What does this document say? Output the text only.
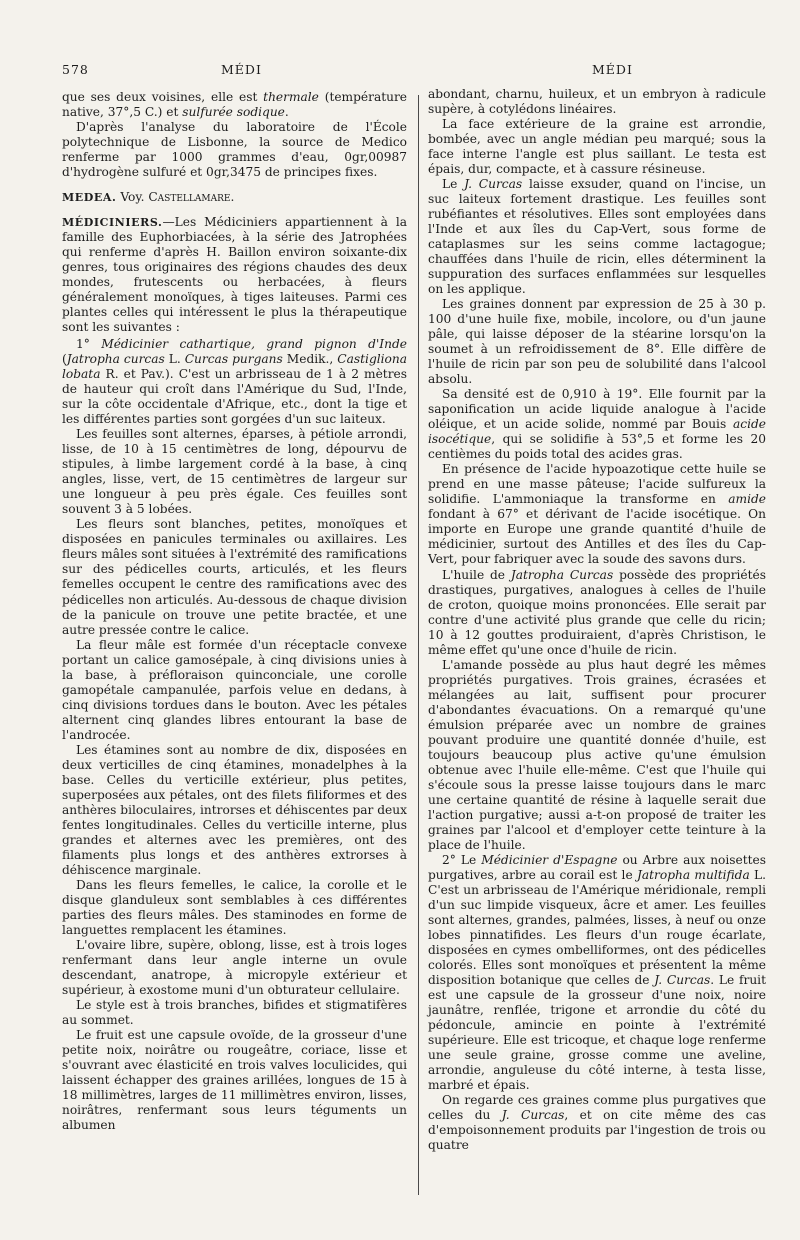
578	MÉDI	MÉDI

que ses deux voisines, elle est thermale (température native, 37°,5 C.) et sulfurée sodique.

D'après l'analyse du laboratoire de l'École polytechnique de Lisbonne, la source de Medico renferme par 1000 grammes d'eau, 0gr,00987 d'hydrogène sulfuré et 0gr,3475 de principes fixes.

MEDEA. Voy. Castellamare.

MÉDICINIERS.—Les Médiciniers appartiennent à la famille des Euphorbiacées, à la série des Jatrophées qui renferme d'après H. Baillon environ soixante-dix genres, tous originaires des régions chaudes des deux mondes, frutescents ou herbacées, à fleurs généralement monoïques, à tiges laiteuses. Parmi ces plantes celles qui intéressent le plus la thérapeutique sont les suivantes :

1° Médicinier cathartique, grand pignon d'Inde (Jatropha curcas L. Curcas purgans Medik., Castigliona lobata R. et Pav.). C'est un arbrisseau de 1 à 2 mètres de hauteur qui croît dans l'Amérique du Sud, l'Inde, sur la côte occidentale d'Afrique, etc., dont la tige et les différentes parties sont gorgées d'un suc laiteux.

Les feuilles sont alternes, éparses, à pétiole arrondi, lisse, de 10 à 15 centimètres de long, dépourvu de stipules, à limbe largement cordé à la base, à cinq angles, lisse, vert, de 15 centimètres de largeur sur une longueur à peu près égale. Ces feuilles sont souvent 3 à 5 lobées.

Les fleurs sont blanches, petites, monoïques et disposées en panicules terminales ou axillaires. Les fleurs mâles sont situées à l'extrémité des ramifications sur des pédicelles courts, articulés, et les fleurs femelles occupent le centre des ramifications avec des pédicelles non articulés. Au-dessous de chaque division de la panicule on trouve une petite bractée, et une autre pressée contre le calice.

La fleur mâle est formée d'un réceptacle convexe portant un calice gamosépale, à cinq divisions unies à la base, à préfloraison quinconciale, une corolle gamopétale campanulée, parfois velue en dedans, à cinq divisions tordues dans le bouton. Avec les pétales alternent cinq glandes libres entourant la base de l'androcée.

Les étamines sont au nombre de dix, disposées en deux verticilles de cinq étamines, monadelphes à la base. Celles du verticille extérieur, plus petites, superposées aux pétales, ont des filets filiformes et des anthères biloculaires, introrses et déhiscentes par deux fentes longitudinales. Celles du verticille interne, plus grandes et alternes avec les premières, ont des filaments plus longs et des anthères extrorses à déhiscence marginale.

Dans les fleurs femelles, le calice, la corolle et le disque glanduleux sont semblables à ces différentes parties des fleurs mâles. Des staminodes en forme de languettes remplacent les étamines.

L'ovaire libre, supère, oblong, lisse, est à trois loges renfermant dans leur angle interne un ovule descendant, anatrope, à micropyle extérieur et supérieur, à exostome muni d'un obturateur cellulaire.

Le style est à trois branches, bifides et stigmatifères au sommet.

Le fruit est une capsule ovoïde, de la grosseur d'une petite noix, noirâtre ou rougeâtre, coriace, lisse et s'ouvrant avec élasticité en trois valves loculicides, qui laissent échapper des graines arillées, longues de 15 à 18 millimètres, larges de 11 millimètres environ, lisses, noirâtres, renfermant sous leurs téguments un albumen

abondant, charnu, huileux, et un embryon à radicule supère, à cotylédons linéaires.

La face extérieure de la graine est arrondie, bombée, avec un angle médian peu marqué; sous la face interne l'angle est plus saillant. Le testa est épais, dur, compacte, et à cassure résineuse.

Le J. Curcas laisse exsuder, quand on l'incise, un suc laiteux fortement drastique. Les feuilles sont rubéfiantes et résolutives. Elles sont employées dans l'Inde et aux îles du Cap-Vert, sous forme de cataplasmes sur les seins comme lactagogue; chauffées dans l'huile de ricin, elles déterminent la suppuration des surfaces enflammées sur lesquelles on les applique.

Les graines donnent par expression de 25 à 30 p. 100 d'une huile fixe, mobile, incolore, ou d'un jaune pâle, qui laisse déposer de la stéarine lorsqu'on la soumet à un refroidissement de 8°. Elle diffère de l'huile de ricin par son peu de solubilité dans l'alcool absolu.

Sa densité est de 0,910 à 19°. Elle fournit par la saponification un acide liquide analogue à l'acide oléique, et un acide solide, nommé par Bouis acide isocétique, qui se solidifie à 53°,5 et forme les 20 centièmes du poids total des acides gras.

En présence de l'acide hypoazotique cette huile se prend en une masse pâteuse; l'acide sulfureux la solidifie. L'ammoniaque la transforme en amide fondant à 67° et dérivant de l'acide isocétique. On importe en Europe une grande quantité d'huile de médicinier, surtout des Antilles et des îles du Cap-Vert, pour fabriquer avec la soude des savons durs.

L'huile de Jatropha Curcas possède des propriétés drastiques, purgatives, analogues à celles de l'huile de croton, quoique moins prononcées. Elle serait par contre d'une activité plus grande que celle du ricin; 10 à 12 gouttes produiraient, d'après Christison, le même effet qu'une once d'huile de ricin.

L'amande possède au plus haut degré les mêmes propriétés purgatives. Trois graines, écrasées et mélangées au lait, suffisent pour procurer d'abondantes évacuations. On a remarqué qu'une émulsion préparée avec un nombre de graines pouvant produire une quantité donnée d'huile, est toujours beaucoup plus active qu'une émulsion obtenue avec l'huile elle-même. C'est que l'huile qui s'écoule sous la presse laisse toujours dans le marc une certaine quantité de résine à laquelle serait due l'action purgative; aussi a-t-on proposé de traiter les graines par l'alcool et d'employer cette teinture à la place de l'huile.

2° Le Médicinier d'Espagne ou Arbre aux noisettes purgatives, arbre au corail est le Jatropha multifida L. C'est un arbrisseau de l'Amérique méridionale, rempli d'un suc limpide visqueux, âcre et amer. Les feuilles sont alternes, grandes, palmées, lisses, à neuf ou onze lobes pinnatifides. Les fleurs d'un rouge écarlate, disposées en cymes ombelliformes, ont des pédicelles colorés. Elles sont monoïques et présentent la même disposition botanique que celles de J. Curcas. Le fruit est une capsule de la grosseur d'une noix, noire jaunâtre, renflée, trigone et arrondie du côté du pédoncule, amincie en pointe à l'extrémité supérieure. Elle est tricoque, et chaque loge renferme une seule graine, grosse comme une aveline, arrondie, anguleuse du côté interne, à testa lisse, marbré et épais.

On regarde ces graines comme plus purgatives que celles du J. Curcas, et on cite même des cas d'empoisonnement produits par l'ingestion de trois ou quatre
